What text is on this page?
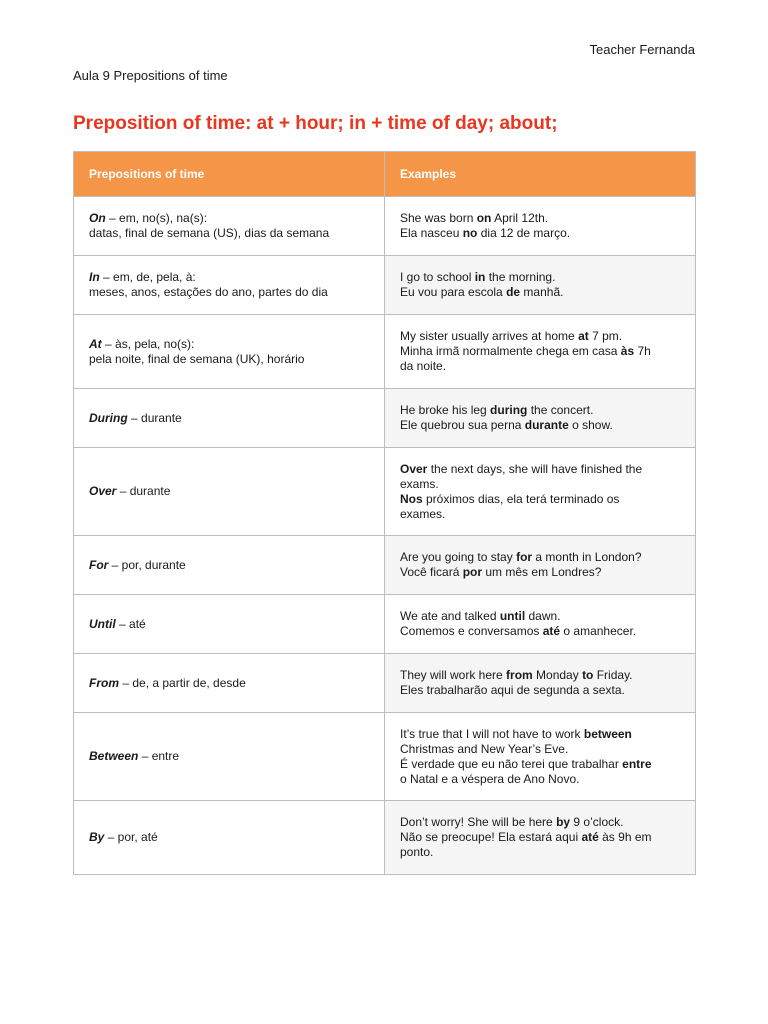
Teacher Fernanda
Aula 9 Prepositions of time
Preposition of time: at + hour; in + time of day; about;
Prepositions of time	Examples

On – em, no(s), na(s):
datas, final de semana (US), dias da semana	She was born on April 12th.
Ela nasceu no dia 12 de março.

In – em, de, pela, à:
meses, anos, estações do ano, partes do dia	I go to school in the morning.
Eu vou para escola de manhã.

At – às, pela, no(s):
pela noite, final de semana (UK), horário	My sister usually arrives at home at 7 pm.
Minha irmã normalmente chega em casa às 7h
da noite.

During – durante	He broke his leg during the concert.
Ele quebrou sua perna durante o show.

Over – durante	Over the next days, she will have finished the
exams.
Nos próximos dias, ela terá terminado os
exames.

For – por, durante	Are you going to stay for a month in London?
Você ficará por um mês em Londres?

Until – até	We ate and talked until dawn.
Comemos e conversamos até o amanhecer.

From – de, a partir de, desde	They will work here from Monday to Friday.
Eles trabalharão aqui de segunda a sexta.

Between – entre	It’s true that I will not have to work between
Christmas and New Year’s Eve.
É verdade que eu não terei que trabalhar entre
o Natal e a véspera de Ano Novo.

By – por, até	Don’t worry! She will be here by 9 o’clock.
Não se preocupe! Ela estará aqui até às 9h em
ponto.
